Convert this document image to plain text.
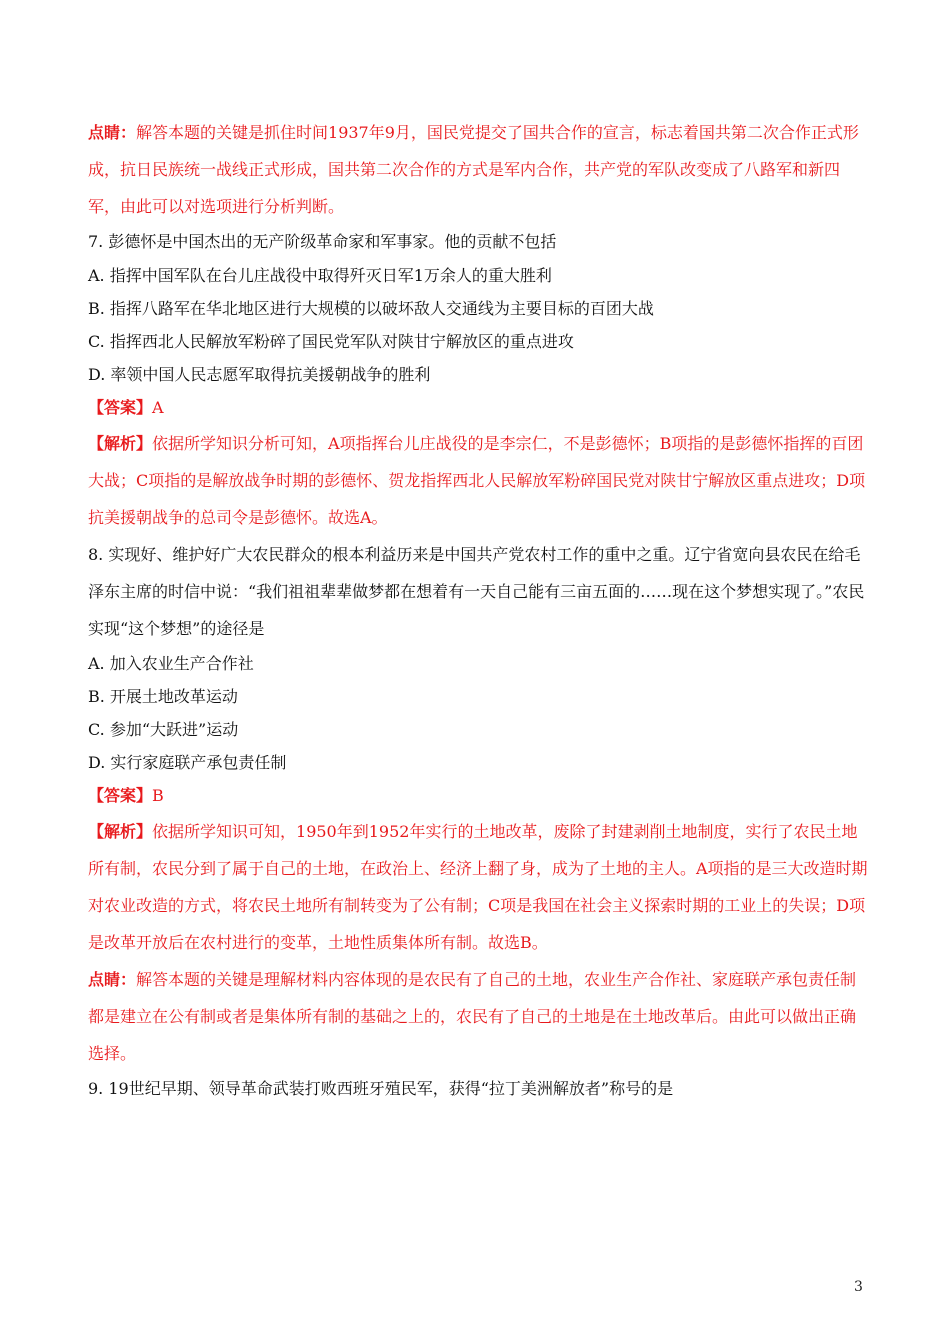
点睛：解答本题的关键是抓住时间1937年9月，国民党提交了国共合作的宣言，标志着国共第二次合作正式形成，抗日民族统一战线正式形成，国共第二次合作的方式是军内合作，共产党的军队改变成了八路军和新四军，由此可以对选项进行分析判断。

7. 彭德怀是中国杰出的无产阶级革命家和军事家。他的贡献不包括

A. 指挥中国军队在台儿庄战役中取得歼灭日军1万余人的重大胜利

B. 指挥八路军在华北地区进行大规模的以破坏敌人交通线为主要目标的百团大战

C. 指挥西北人民解放军粉碎了国民党军队对陕甘宁解放区的重点进攻

D. 率领中国人民志愿军取得抗美援朝战争的胜利

【答案】A

【解析】依据所学知识分析可知，A项指挥台儿庄战役的是李宗仁，不是彭德怀；B项指的是彭德怀指挥的百团大战；C项指的是解放战争时期的彭德怀、贺龙指挥西北人民解放军粉碎国民党对陕甘宁解放区重点进攻；D项抗美援朝战争的总司令是彭德怀。故选A。

8. 实现好、维护好广大农民群众的根本利益历来是中国共产党农村工作的重中之重。辽宁省宽向县农民在给毛泽东主席的时信中说：“我们祖祖辈辈做梦都在想着有一天自己能有三亩五面的……现在这个梦想实现了。”农民实现“这个梦想”的途径是

A. 加入农业生产合作社

B. 开展土地改革运动

C. 参加“大跃进”运动

D. 实行家庭联产承包责任制

【答案】B

【解析】依据所学知识可知，1950年到1952年实行的土地改革，废除了封建剥削土地制度，实行了农民土地所有制，农民分到了属于自己的土地，在政治上、经济上翻了身，成为了土地的主人。A项指的是三大改造时期对农业改造的方式，将农民土地所有制转变为了公有制；C项是我国在社会主义探索时期的工业上的失误；D项是改革开放后在农村进行的变革，土地性质集体所有制。故选B。

点睛：解答本题的关键是理解材料内容体现的是农民有了自己的土地，农业生产合作社、家庭联产承包责任制都是建立在公有制或者是集体所有制的基础之上的，农民有了自己的土地是在土地改革后。由此可以做出正确选择。

9. 19世纪早期、领导革命武装打败西班牙殖民军，获得“拉丁美洲解放者”称号的是

3
